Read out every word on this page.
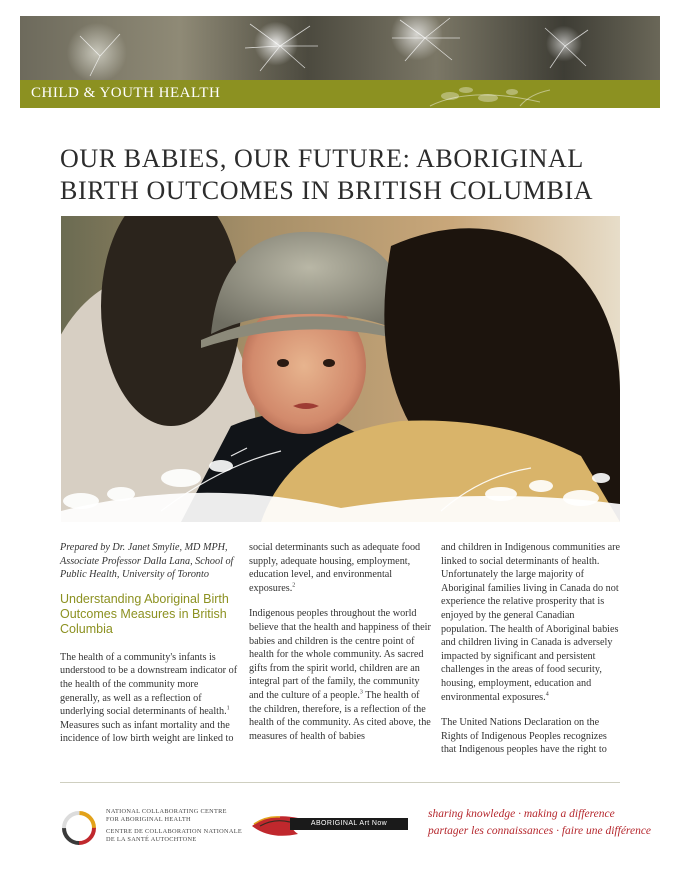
CHILD & YOUTH HEALTH
OUR BABIES, OUR FUTURE: ABORIGINAL
BIRTH OUTCOMES IN BRITISH COLUMBIA

Prepared by Dr. Janet Smylie, MD MPH, Associate Professor Dalla Lana, School of Public Health, University of Toronto

Understanding Aboriginal Birth Outcomes Measures in British Columbia

The health of a community's infants is understood to be a downstream indicator of the health of the community more generally, as well as a reflection of underlying social determinants of health.$^1$ Measures such as infant mortality and the incidence of low birth weight are linked to

social determinants such as adequate food supply, adequate housing, employment, education level, and environmental exposures.$^2$

Indigenous peoples throughout the world believe that the health and happiness of their babies and children is the centre point of health for the whole community. As sacred gifts from the spirit world, children are an integral part of the family, the community and the culture of a people.$^3$ The health of the children, therefore, is a reflection of the health of the community. As cited above, the measures of health of babies

and children in Indigenous communities are linked to social determinants of health. Unfortunately the large majority of Aboriginal families living in Canada do not experience the relative prosperity that is enjoyed by the general Canadian population. The health of Aboriginal babies and children living in Canada is adversely impacted by significant and persistent challenges in the areas of food security, housing, employment, education and environmental exposures.$^4$

The United Nations Declaration on the Rights of Indigenous Peoples recognizes that Indigenous peoples have the right to

NATIONAL COLLABORATING CENTRE
FOR ABORIGINAL HEALTH
CENTRE DE COLLABORATION NATIONALE
DE LA SANTÉ AUTOCHTONE
ABORIGINAL Art Now
sharing knowledge · making a difference
partager les connaissances · faire une différence
